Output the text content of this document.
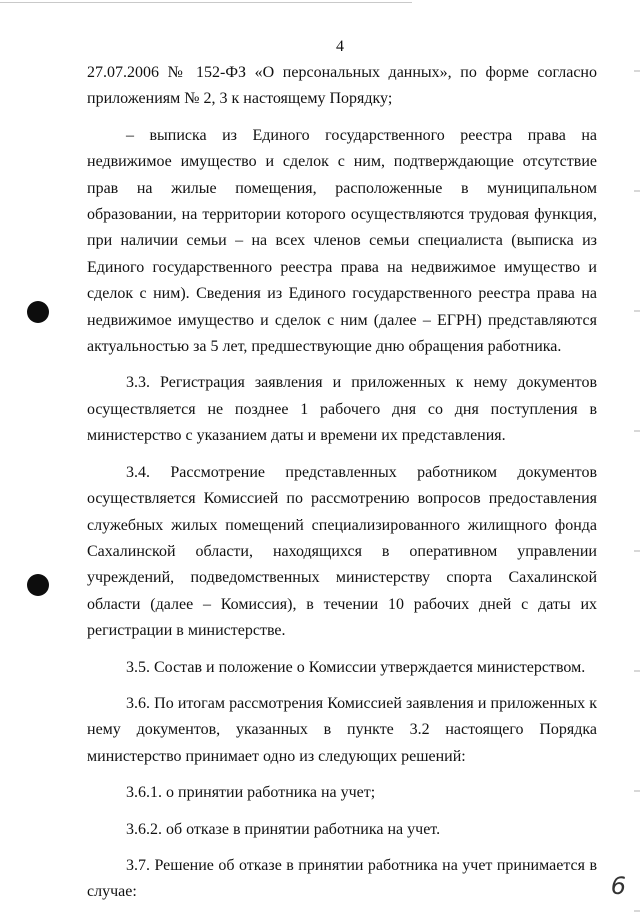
4

27.07.2006 № 152-ФЗ «О персональных данных», по форме согласно приложениям № 2, 3 к настоящему Порядку;

– выписка из Единого государственного реестра права на недвижимое имущество и сделок с ним, подтверждающие отсутствие прав на жилые помещения, расположенные в муниципальном образовании, на территории которого осуществляются трудовая функция, при наличии семьи – на всех членов семьи специалиста (выписка из Единого государственного реестра права на недвижимое имущество и сделок с ним). Сведения из Единого государственного реестра права на недвижимое имущество и сделок с ним (далее – ЕГРН) представляются актуальностью за 5 лет, предшествующие дню обращения работника.

3.3. Регистрация заявления и приложенных к нему документов осуществляется не позднее 1 рабочего дня со дня поступления в министерство с указанием даты и времени их представления.

3.4. Рассмотрение представленных работником документов осуществляется Комиссией по рассмотрению вопросов предоставления служебных жилых помещений специализированного жилищного фонда Сахалинской области, находящихся в оперативном управлении учреждений, подведомственных министерству спорта Сахалинской области (далее – Комиссия), в течении 10 рабочих дней с даты их регистрации в министерстве.

3.5. Состав и положение о Комиссии утверждается министерством.

3.6. По итогам рассмотрения Комиссией заявления и приложенных к нему документов, указанных в пункте 3.2 настоящего Порядка министерство принимает одно из следующих решений:

3.6.1. о принятии работника на учет;

3.6.2. об отказе в принятии работника на учет.

3.7. Решение об отказе в принятии работника на учет принимается в случае:	6
